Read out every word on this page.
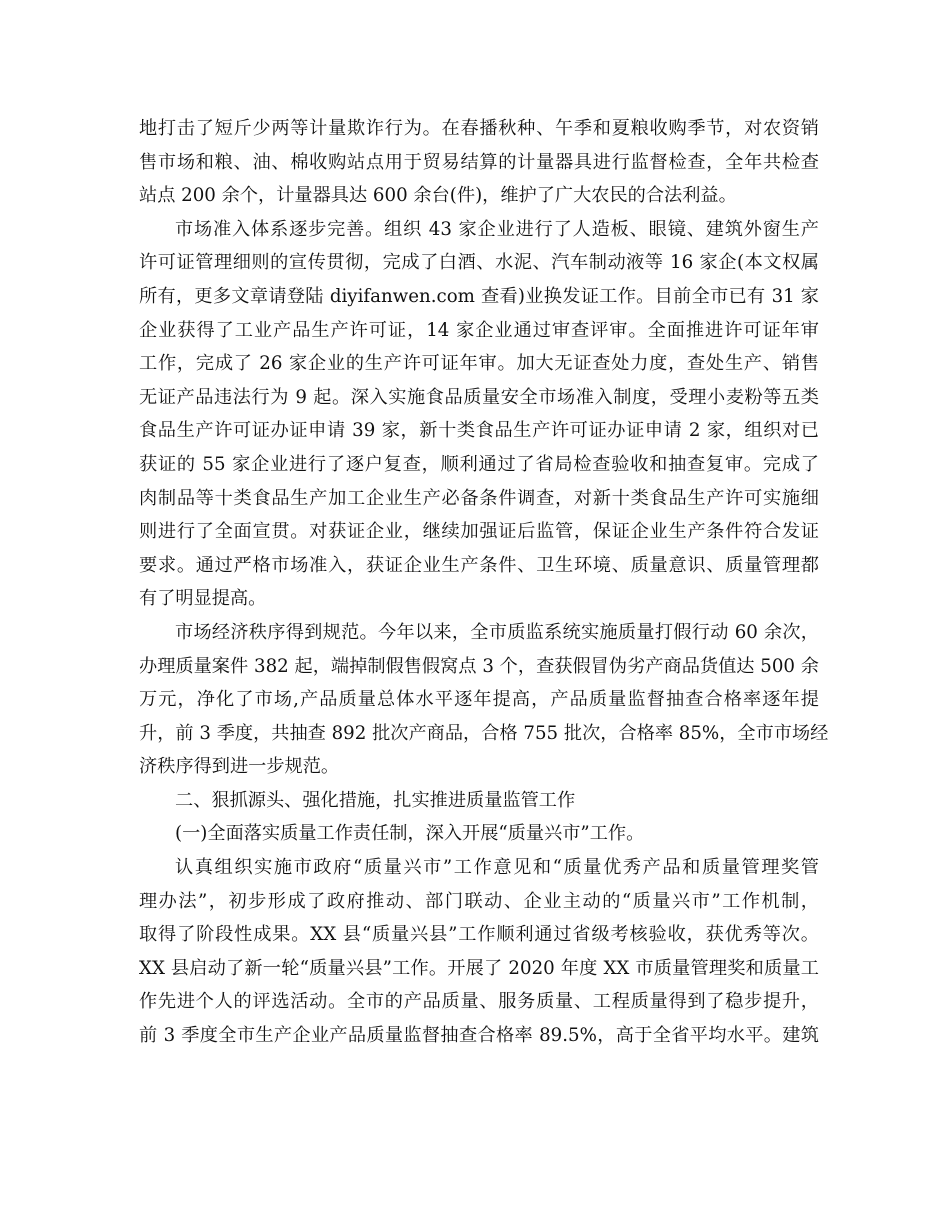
地打击了短斤少两等计量欺诈行为。在春播秋种、午季和夏粮收购季节，对农资销
售市场和粮、油、棉收购站点用于贸易结算的计量器具进行监督检查，全年共检查
站点 200 余个，计量器具达 600 余台(件)，维护了广大农民的合法利益。
市场准入体系逐步完善。组织 43 家企业进行了人造板、眼镜、建筑外窗生产
许可证管理细则的宣传贯彻，完成了白酒、水泥、汽车制动液等 16 家企(本文权属
所有，更多文章请登陆 diyifanwen.com 查看)业换发证工作。目前全市已有 31 家
企业获得了工业产品生产许可证，14 家企业通过审查评审。全面推进许可证年审
工作，完成了 26 家企业的生产许可证年审。加大无证查处力度，查处生产、销售
无证产品违法行为 9 起。深入实施食品质量安全市场准入制度，受理小麦粉等五类
食品生产许可证办证申请 39 家，新十类食品生产许可证办证申请 2 家，组织对已
获证的 55 家企业进行了逐户复查，顺利通过了省局检查验收和抽查复审。完成了
肉制品等十类食品生产加工企业生产必备条件调查，对新十类食品生产许可实施细
则进行了全面宣贯。对获证企业，继续加强证后监管，保证企业生产条件符合发证
要求。通过严格市场准入，获证企业生产条件、卫生环境、质量意识、质量管理都
有了明显提高。
市场经济秩序得到规范。今年以来，全市质监系统实施质量打假行动 60 余次，
办理质量案件 382 起，端掉制假售假窝点 3 个，查获假冒伪劣产商品货值达 500 余
万元，净化了市场,产品质量总体水平逐年提高，产品质量监督抽查合格率逐年提
升，前 3 季度，共抽查 892 批次产商品，合格 755 批次，合格率 85%，全市市场经
济秩序得到进一步规范。
二、狠抓源头、强化措施，扎实推进质量监管工作
(一)全面落实质量工作责任制，深入开展“质量兴市”工作。
认真组织实施市政府“质量兴市”工作意见和“质量优秀产品和质量管理奖管
理办法”，初步形成了政府推动、部门联动、企业主动的“质量兴市”工作机制，
取得了阶段性成果。XX 县“质量兴县”工作顺利通过省级考核验收，获优秀等次。
XX 县启动了新一轮“质量兴县”工作。开展了 2020 年度 XX 市质量管理奖和质量工
作先进个人的评选活动。全市的产品质量、服务质量、工程质量得到了稳步提升，
前 3 季度全市生产企业产品质量监督抽查合格率 89.5%，高于全省平均水平。建筑
